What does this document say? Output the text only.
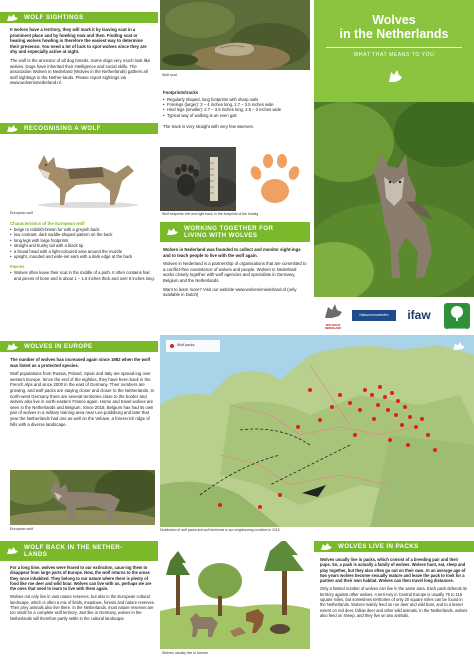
WOLF SIGHTINGS

It wolves have a territory, they will mark it by leaving scat in a prominent place and by howling now and then. Finding scat or hearing wolves howling is therefore the easiest way to determine their presence. You need a lot of luck to spot wolves since they are shy and especially active at night.

The wolf is the ancestor of all dog breeds. Some dogs very much look like wolves. Dogs have inherited their intelligence and social skills. The association Wolven in Nederland (Wolves in the Netherlands) gathers all wolf sightings in the Nether-lands. Please report sightings via www.wolveninnederland.nl.

Wolf scat
Footprints/tracks
• Regularly shaped, long footprints with sharp nails
• Forelegs (larger): 3 – 4 inches long, 2.7 – 3.5 inches wide
• Hind legs (smaller): 2.7 – 3.5 inches long, 2.5 – 3 inches wide
• Typical way of walking is an even gait
The track is very straight with very few swerves.
Wolves
in the Netherlands
WHAT THAT MEANS TO YOU
RECOGNISING A WOLF
European wolf
Characteristics of the European wolf
• beige to reddish-brown fur with a greyish back
• low contrast, dark saddle-shaped pattern on the back
• long legs with large footprints
• straight and bushy tail with a black tip
• a broad head with a light-coloured area around the muzzle
• upright, rounded and wide-set ears with a dark edge at the back
Faeces
• Wolves often leave their scat in the middle of a path. It often contains hair and pieces of bone and is about 1 – 1.6 inches thick and over 8 inches long.
Wolf footprints: left and right track, in the footprints of the foreleg
WORKING TOGETHER FOR
LIVING WITH WOLVES

Wolven in Nederland was founded to collect and monitor sight-ings and to teach people to live with the wolf again.

Wolven in Nederland is a partnership of organisations that are committed to a conflict-free coexistence of wolves and people. Wolven in Nederland works closely together with wolf agencies and specialists in Germany, Belgium and the Netherlands.

Want to learn more? Visit our website www.wolveninnederland.nl (only available in Dutch)

WOLVEN IN NEDERLAND
Natuurmonumenten	ifaw
Zoogdiervereniging
WOLVES IN EUROPE

The number of wolves has increased again since 1982 when the wolf was listed as a protected species.

Wolf populations from Russia, Poland, Spain and Italy are spread-ing over western Europe. Since the end of the eighties, they have been back in the French Alps and since 2000 in the east of Germany. Their numbers are growing, and wolf packs are staying closer and closer to the Netherlands. In north-west Germany there are several territories close to the border and wolves also live in north-eastern France again. Home and travel wolves are seen in the Netherlands and Belgium. Since 2018, Belgium has had its own pair of wolves in a military training area near Leo-poldsburg and later that year the Netherlands had one as well on the Veluwe, a forest-rich ridge of hills with a diverse landscape.

European wolf
Wolf packs
Distribution of wolf packs and wolf territories in our neighbouring countries in 2018
WOLF BACK IN THE NETHER-
LANDS

For a long time, wolves were feared to our extinction, caus-ing them to disappear from large parts of Europe. Now, the wolf returns to the areas they once inhabited. They belong to our nature where there is plenty of food like roe deer and wild boar. Wolves can live with us, perhaps we are the ones that need to learn to live with them again.

Wolves not only live in vast nature reserves, but also in the European cultural landscape, which is often a mix of fields, meadows, forests and nature reserves. Their prey animals also live there. In the Netherlands, most nature reserves are too small for a complete wolf territory. Just like in Germany, wolves in the Netherlands will therefore partly settle in the cultural landscape.

Wolves usually live in forests
WOLVES LIVE IN PACKS

Wolves usually live in packs, which consist of a breeding pair and their pups. So, a pack is actually a family of wolves. Wolves hunt, eat, sleep and play together, but they also often go out on their own. At an average age of two years wolves become sexually mature and leave the pack to look for a partner and their own habitat. Wolves can then travel long distances.

Only a limited number of wolves can live in the same area. Each pack defends its territory against other wolves. A terri-tory in Central Europe is usually 75 to 115 square miles, but sometimes territories of only 20 square miles can be found in the Netherlands. Wolves mainly feed on roe deer and wild boar, and to a lesser extent on red deer, fallow deer and other wild animals. In the Netherlands, wolves also feed on sheep, and they live on two animals.
